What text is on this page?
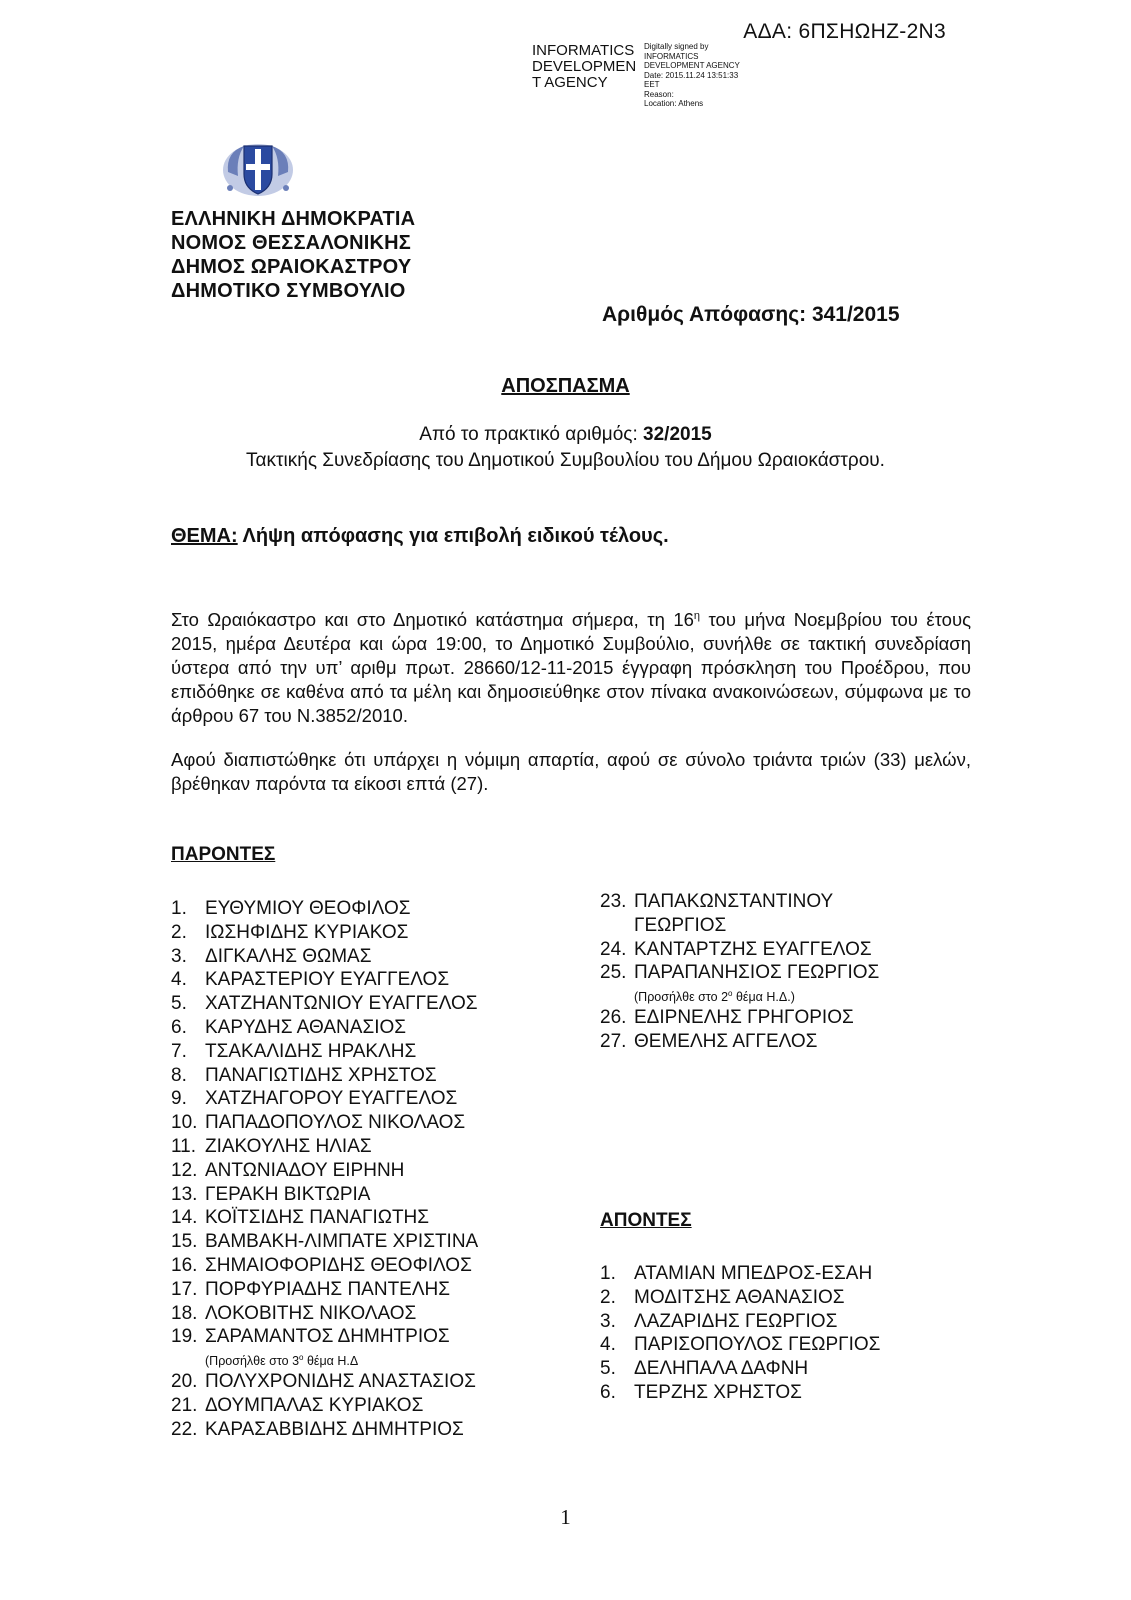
ΑΔΑ: 6ΠΣΗΩΗΖ-2Ν3
INFORMATICS
DEVELOPMEN
T AGENCY
Digitally signed by
INFORMATICS
DEVELOPMENT AGENCY
Date: 2015.11.24 13:51:33
EET
Reason:
Location: Athens
ΕΛΛΗΝΙΚΗ ΔΗΜΟΚΡΑΤΙΑ
ΝΟΜΟΣ ΘΕΣΣΑΛΟΝΙΚΗΣ
ΔΗΜΟΣ ΩΡΑΙΟΚΑΣΤΡΟΥ
ΔΗΜΟΤΙΚΟ ΣΥΜΒΟΥΛΙΟ
Αριθμός Απόφασης: 341/2015
ΑΠΟΣΠΑΣΜΑ
Από το πρακτικό αριθμός: 32/2015
Τακτικής Συνεδρίασης του Δημοτικού Συμβουλίου του Δήμου Ωραιοκάστρου.
ΘΕΜΑ: Λήψη απόφασης για επιβολή ειδικού τέλους.
Στο Ωραιόκαστρο και στο Δημοτικό κατάστημα σήμερα, τη $16^\eta$ του μήνα Νοεμβρίου του έτους 2015, ημέρα Δευτέρα και ώρα 19:00, το Δημοτικό Συμβούλιο, συνήλθε σε τακτική συνεδρίαση ύστερα από την υπ’ αριθμ πρωτ. 28660/12-11-2015 έγγραφη πρόσκληση του Προέδρου, που επιδόθηκε σε καθένα από τα μέλη και δημοσιεύθηκε στον πίνακα ανακοινώσεων, σύμφωνα με το άρθρου 67 του Ν.3852/2010.
Αφού διαπιστώθηκε ότι υπάρχει η νόμιμη απαρτία, αφού σε σύνολο τριάντα τριών (33) μελών, βρέθηκαν παρόντα τα είκοσι επτά (27).
ΠΑΡΟΝΤΕΣ
1. ΕΥΘΥΜΙΟΥ ΘΕΟΦΙΛΟΣ
2. ΙΩΣΗΦΙΔΗΣ ΚΥΡΙΑΚΟΣ
3. ΔΙΓΚΑΛΗΣ ΘΩΜΑΣ
4. ΚΑΡΑΣΤΕΡΙΟΥ ΕΥΑΓΓΕΛΟΣ
5. ΧΑΤΖΗΑΝΤΩΝΙΟΥ ΕΥΑΓΓΕΛΟΣ
6. ΚΑΡΥΔΗΣ ΑΘΑΝΑΣΙΟΣ
7. ΤΣΑΚΑΛΙΔΗΣ ΗΡΑΚΛΗΣ
8. ΠΑΝΑΓΙΩΤΙΔΗΣ ΧΡΗΣΤΟΣ
9. ΧΑΤΖΗΑΓΟΡΟΥ ΕΥΑΓΓΕΛΟΣ
10. ΠΑΠΑΔΟΠΟΥΛΟΣ ΝΙΚΟΛΑΟΣ
11. ΖΙΑΚΟΥΛΗΣ ΗΛΙΑΣ
12. ΑΝΤΩΝΙΑΔΟΥ ΕΙΡΗΝΗ
13. ΓΕΡΑΚΗ ΒΙΚΤΩΡΙΑ
14. ΚΟΪΤΣΙΔΗΣ ΠΑΝΑΓΙΩΤΗΣ
15. ΒΑΜΒΑΚΗ-ΛΙΜΠΑΤΕ ΧΡΙΣΤΙΝΑ
16. ΣΗΜΑΙΟΦΟΡΙΔΗΣ ΘΕΟΦΙΛΟΣ
17. ΠΟΡΦΥΡΙΑΔΗΣ ΠΑΝΤΕΛΗΣ
18. ΛΟΚΟΒΙΤΗΣ ΝΙΚΟΛΑΟΣ
19. ΣΑΡΑΜΑΝΤΟΣ ΔΗΜΗΤΡΙΟΣ
(Προσήλθε στο $3^o$ θέμα Η.Δ
20. ΠΟΛΥΧΡΟΝΙΔΗΣ ΑΝΑΣΤΑΣΙΟΣ
21. ΔΟΥΜΠΑΛΑΣ ΚΥΡΙΑΚΟΣ
22. ΚΑΡΑΣΑΒΒΙΔΗΣ ΔΗΜΗΤΡΙΟΣ
23. ΠΑΠΑΚΩΝΣΤΑΝΤΙΝΟΥ
ΓΕΩΡΓΙΟΣ
24. ΚΑΝΤΑΡΤΖΗΣ ΕΥΑΓΓΕΛΟΣ
25. ΠΑΡΑΠΑΝΗΣΙΟΣ ΓΕΩΡΓΙΟΣ
(Προσήλθε στο $2^o$ θέμα Η.Δ.)
26. ΕΔΙΡΝΕΛΗΣ ΓΡΗΓΟΡΙΟΣ
27. ΘΕΜΕΛΗΣ ΑΓΓΕΛΟΣ
ΑΠΟΝΤΕΣ
1. ΑΤΑΜΙΑΝ ΜΠΕΔΡΟΣ-ΕΣΑΗ
2. ΜΟΔΙΤΣΗΣ ΑΘΑΝΑΣΙΟΣ
3. ΛΑΖΑΡΙΔΗΣ ΓΕΩΡΓΙΟΣ
4. ΠΑΡΙΣΟΠΟΥΛΟΣ ΓΕΩΡΓΙΟΣ
5. ΔΕΛΗΠΑΛΑ ΔΑΦΝΗ
6. ΤΕΡΖΗΣ ΧΡΗΣΤΟΣ
1
